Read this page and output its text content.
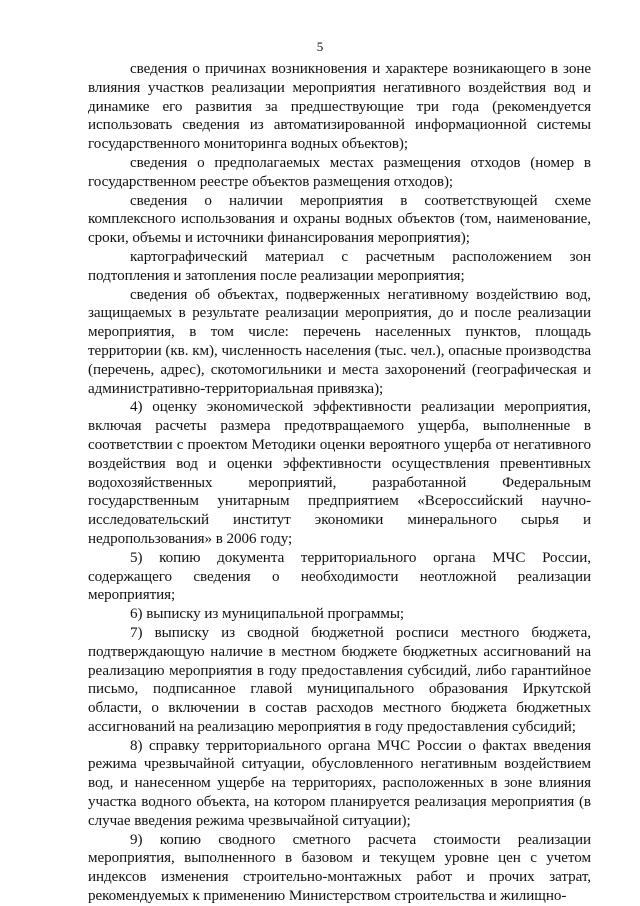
5

сведения о причинах возникновения и характере возникающего в зоне влияния участков реализации мероприятия негативного воздействия вод и динамике его развития за предшествующие три года (рекомендуется использовать сведения из автоматизированной информационной системы государственного мониторинга водных объектов);

сведения о предполагаемых местах размещения отходов (номер в государственном реестре объектов размещения отходов);

сведения о наличии мероприятия в соответствующей схеме комплексного использования и охраны водных объектов (том, наименование, сроки, объемы и источники финансирования мероприятия);

картографический материал с расчетным расположением зон подтопления и затопления после реализации мероприятия;

сведения об объектах, подверженных негативному воздействию вод, защищаемых в результате реализации мероприятия, до и после реализации мероприятия, в том числе: перечень населенных пунктов, площадь территории (кв. км), численность населения (тыс. чел.), опасные производства (перечень, адрес), скотомогильники и места захоронений (географическая и административно-территориальная привязка);

4) оценку экономической эффективности реализации мероприятия, включая расчеты размера предотвращаемого ущерба, выполненные в соответствии с проектом Методики оценки вероятного ущерба от негативного воздействия вод и оценки эффективности осуществления превентивных водохозяйственных мероприятий, разработанной Федеральным государственным унитарным предприятием «Всероссийский научно-исследовательский институт экономики минерального сырья и недропользования» в 2006 году;

5) копию документа территориального органа МЧС России, содержащего сведения о необходимости неотложной реализации мероприятия;

6) выписку из муниципальной программы;

7) выписку из сводной бюджетной росписи местного бюджета, подтверждающую наличие в местном бюджете бюджетных ассигнований на реализацию мероприятия в году предоставления субсидий, либо гарантийное письмо, подписанное главой муниципального образования Иркутской области, о включении в состав расходов местного бюджета бюджетных ассигнований на реализацию мероприятия в году предоставления субсидий;

8) справку территориального органа МЧС России о фактах введения режима чрезвычайной ситуации, обусловленного негативным воздействием вод, и нанесенном ущербе на территориях, расположенных в зоне влияния участка водного объекта, на котором планируется реализация мероприятия (в случае введения режима чрезвычайной ситуации);

9) копию сводного сметного расчета стоимости реализации мероприятия, выполненного в базовом и текущем уровне цен с учетом индексов изменения строительно-монтажных работ и прочих затрат, рекомендуемых к применению Министерством строительства и жилищно-
